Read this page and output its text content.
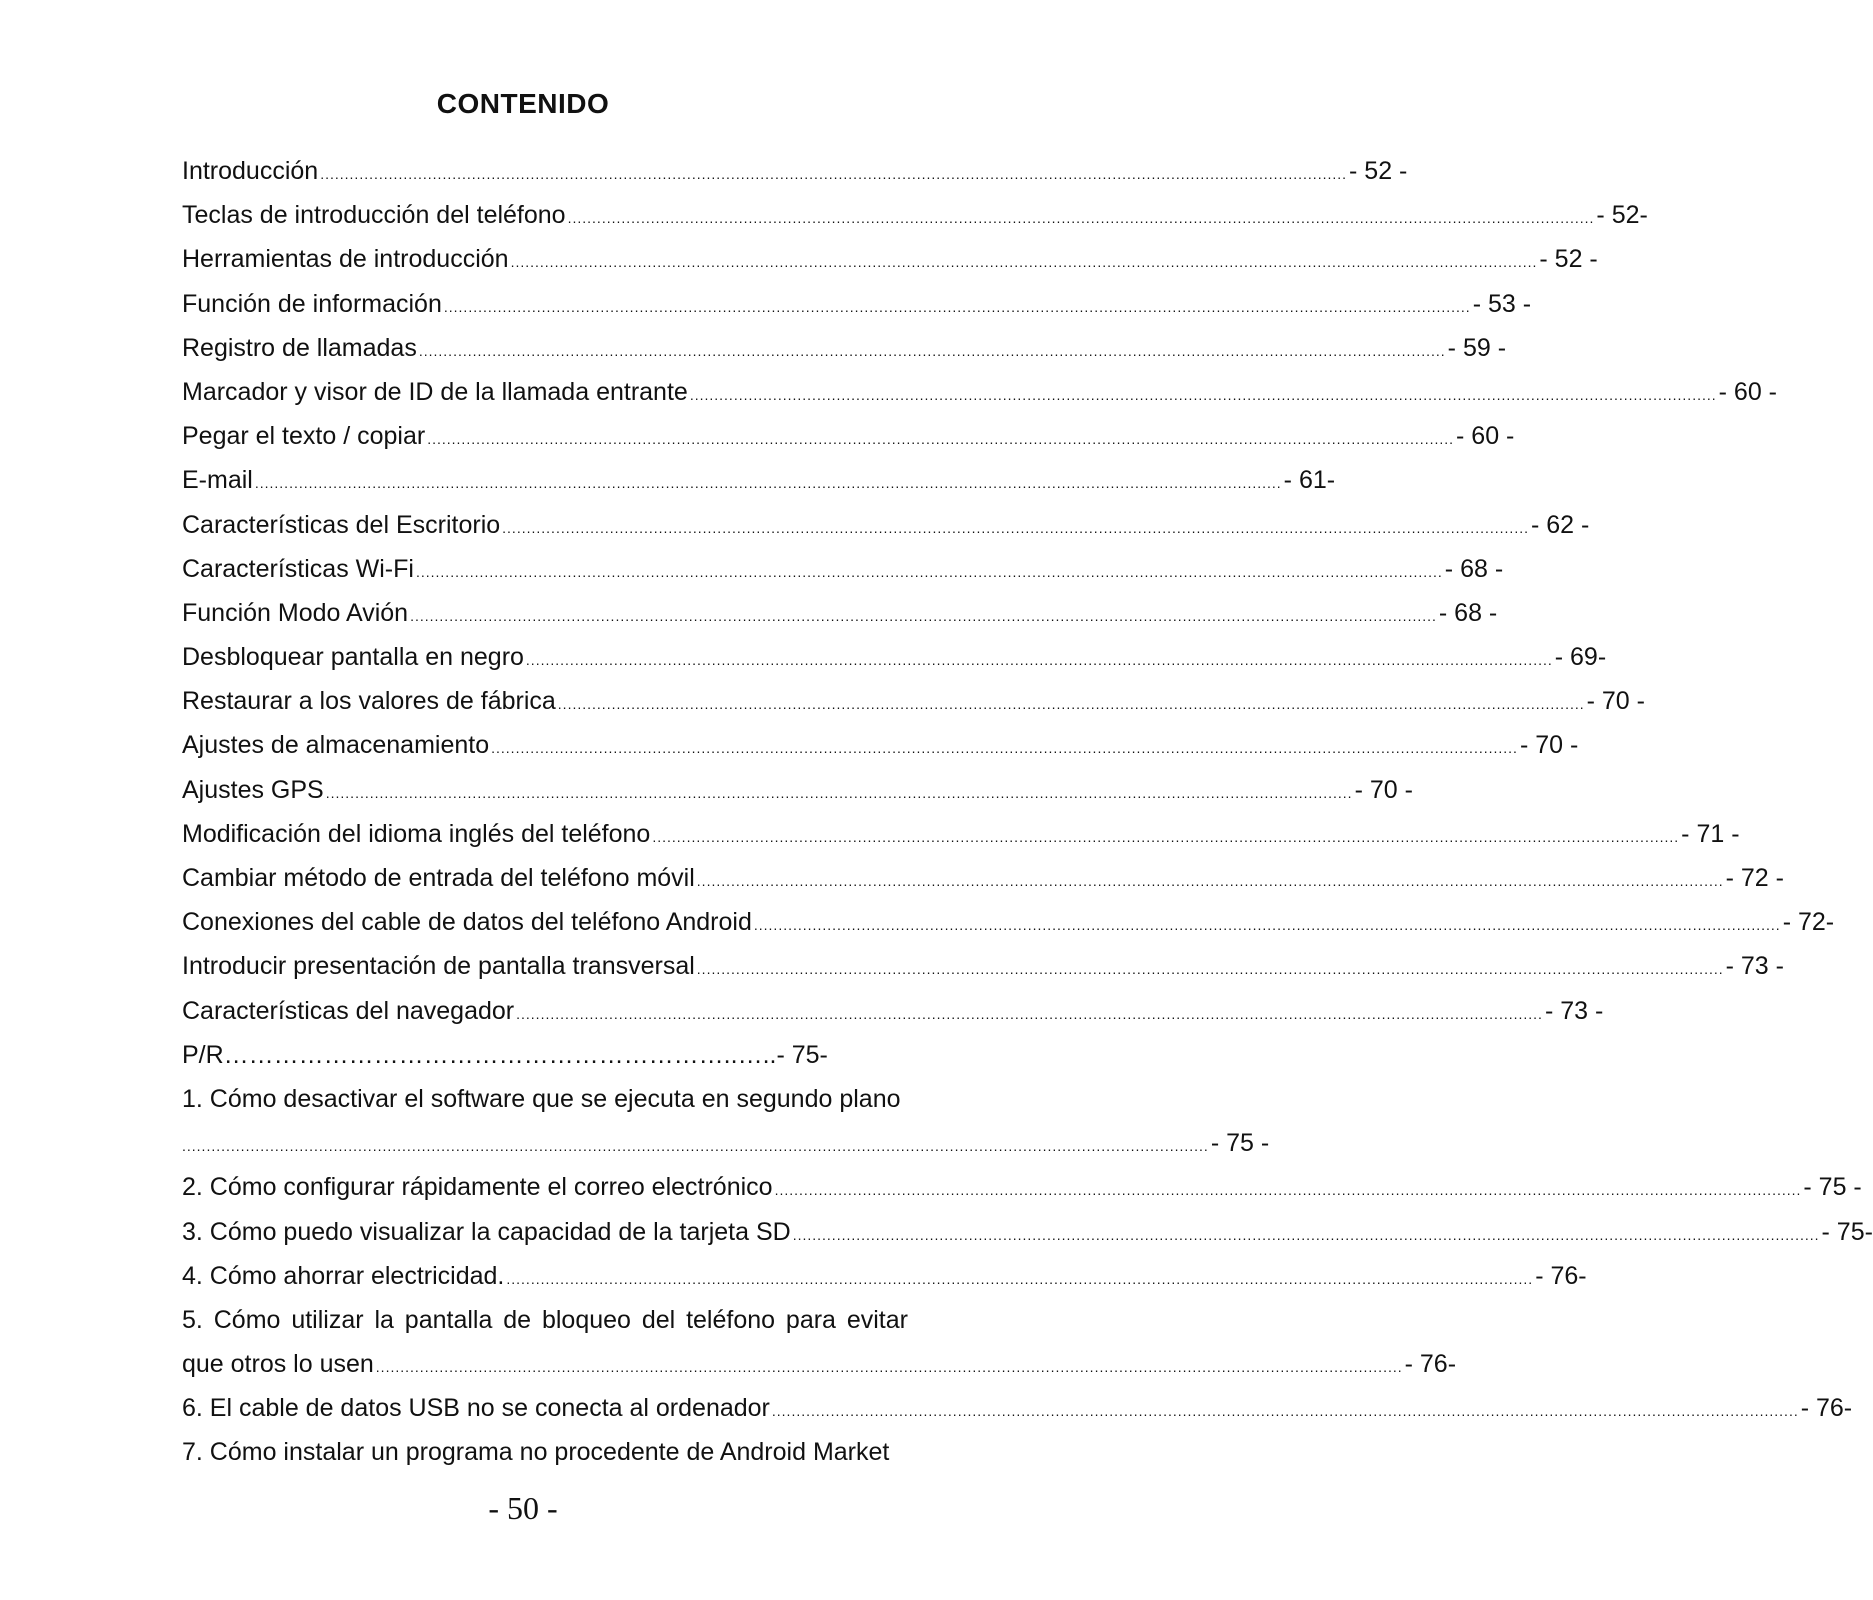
CONTENIDO
Introducción .................................................................................................................................................................................................................. - 52 -
Teclas de introducción del teléfono .................................................................................................................................................................................................................. - 52-
Herramientas de introducción .................................................................................................................................................................................................................. - 52 -
Función de información .................................................................................................................................................................................................................. - 53 -
Registro de llamadas .................................................................................................................................................................................................................. - 59 -
Marcador y visor de ID de la llamada entrante .................................................................................................................................................................................................................. - 60 -
Pegar el texto / copiar .................................................................................................................................................................................................................. - 60 -
E-mail .................................................................................................................................................................................................................. - 61-
Características del Escritorio .................................................................................................................................................................................................................. - 62 -
Características Wi-Fi .................................................................................................................................................................................................................. - 68 -
Función Modo Avión .................................................................................................................................................................................................................. - 68 -
Desbloquear pantalla en negro .................................................................................................................................................................................................................. - 69-
Restaurar a los valores de fábrica .................................................................................................................................................................................................................. - 70 -
Ajustes de almacenamiento .................................................................................................................................................................................................................. - 70 -
Ajustes GPS .................................................................................................................................................................................................................. - 70 -
Modificación del idioma inglés del teléfono .................................................................................................................................................................................................................. - 71 -
Cambiar método de entrada del teléfono móvil .................................................................................................................................................................................................................. - 72 -
Conexiones del cable de datos del teléfono Android .................................................................................................................................................................................................................. - 72-
Introducir presentación de pantalla transversal .................................................................................................................................................................................................................. - 73 -
Características del navegador .................................................................................................................................................................................................................. - 73 -
P/R……………………………………………………..….. - 75-
1. Cómo desactivar el software que se ejecuta en segundo plano
.................................................................................................................................................................................................................. - 75 -
2. Cómo configurar rápidamente el correo electrónico .................................................................................................................................................................................................................. - 75 -
3. Cómo puedo visualizar la capacidad de la tarjeta SD .................................................................................................................................................................................................................. - 75-
4. Cómo ahorrar electricidad. .................................................................................................................................................................................................................. - 76-
5. Cómo utilizar la pantalla de bloqueo del teléfono para evitar
que otros lo usen .................................................................................................................................................................................................................. - 76-
6. El cable de datos USB no se conecta al ordenador .................................................................................................................................................................................................................. - 76-
7. Cómo instalar un programa no procedente de Android Market
- 50 -
